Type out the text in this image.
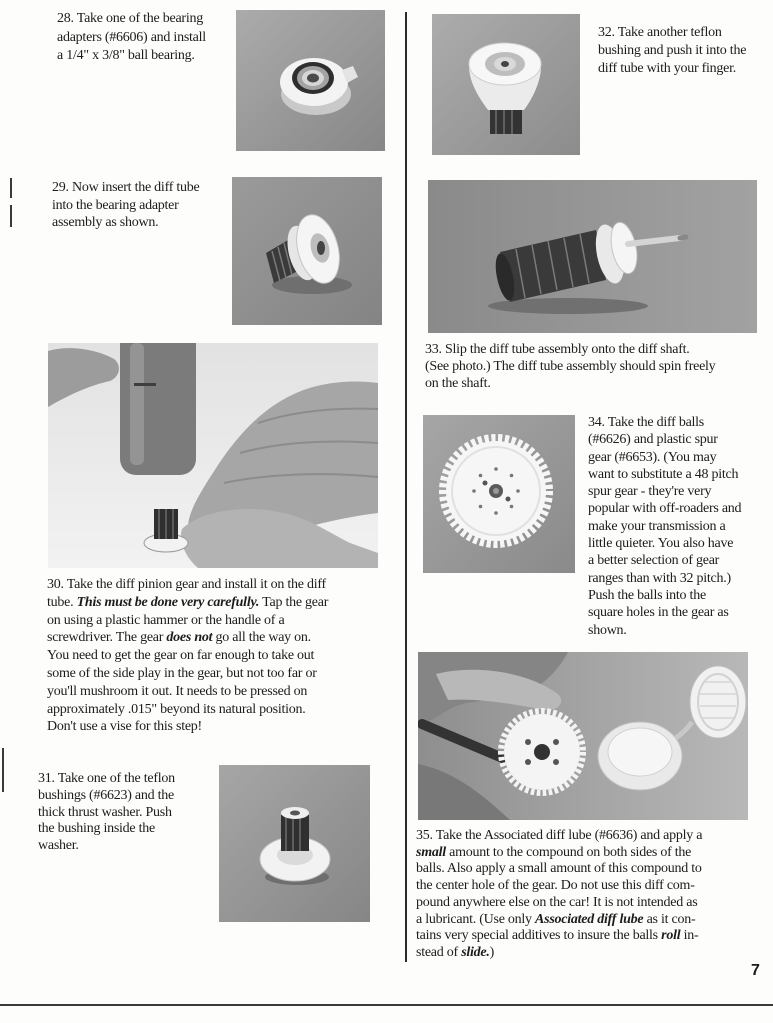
28. Take one of the bearing
adapters (#6606) and install
a 1/4" x 3/8" ball bearing.
29. Now insert the diff tube
into the bearing adapter
assembly as shown.
30. Take the diff pinion gear and install it on the diff
tube. This must be done very carefully. Tap the gear
on using a plastic hammer or the handle of a
screwdriver. The gear does not go all the way on.
You need to get the gear on far enough to take out
some of the side play in the gear, but not too far or
you'll mushroom it out. It needs to be pressed on
approximately .015" beyond its natural position.
Don't use a vise for this step!
31. Take one of the teflon
bushings (#6623) and the
thick thrust washer. Push
the bushing inside the
washer.
32. Take another teflon
bushing and push it into the
diff tube with your finger.
33. Slip the diff tube assembly onto the diff shaft.
(See photo.) The diff tube assembly should spin freely
on the shaft.
34. Take the diff balls
(#6626) and plastic spur
gear (#6653). (You may
want to substitute a 48 pitch
spur gear - they're very
popular with off-roaders and
make your transmission a
little quieter. You also have
a better selection of gear
ranges than with 32 pitch.)
Push the balls into the
square holes in the gear as
shown.
35. Take the Associated diff lube (#6636) and apply a
small amount to the compound on both sides of the
balls. Also apply a small amount of this compound to
the center hole of the gear. Do not use this diff com-
pound anywhere else on the car! It is not intended as
a lubricant. (Use only Associated diff lube as it con-
tains very special additives to insure the balls roll in-
stead of slide.)
7
